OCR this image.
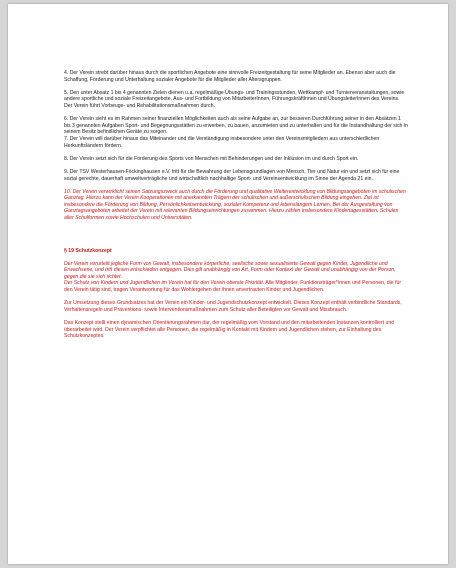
4. Der Verein strebt darüber hinaus durch die sportlichen Angebote eine sinnvolle Freizeitgestaltung für seine Mitglieder an. Ebenso aber auch die Schaffung, Förderung und Unterhaltung sozialer Angebote für die Mitglieder aller Altersgruppen.

5. Den unter Absatz 1 bis 4 genannten Zielen dienen u.a. regelmäßige Übungs- und Trainingsstunden, Wettkampf- und Turnierveranstaltungen, sowie andere sportliche und soziale Freizeitangebote, Aus- und Fortbildung von MitarbeiterInnen, FührungskräftInnen und ÜbungsleiterInnen des Vereins. Der Verein führt Vorbeuge- und Rehabilitationsmaßnahmen durch.

6. Der Verein sieht es im Rahmen seiner finanziellen Möglichkeiten auch als seine Aufgabe an, zur besseren Durchführung seiner in den Absätzen 1 bis 3 genannten Aufgaben Sport- und Begegnungsstätten zu erwerben, zu bauen, anzumieten und zu unterhalten und für die Instandhaltung der sich in seinem Besitz befindlichen Geräte zu sorgen.

7. Der Verein will darüber hinaus das Miteinander und die Verständigung insbesondere unter den Vereinsmitgliedern aus unterschiedlichen Herkunftsländern fördern.

8. Der Verein setzt sich für die Förderung des Sports von Menschen mit Behinderungen und der Inklusion im und durch Sport ein.

9. Der TSV Westerhausen-Föckinghausen e.V. tritt für die Bewahrung der Lebensgrundlagen von Mensch, Tier und Natur ein und setzt sich für eine sozial gerechte, dauerhaft umweltverträgliche und wirtschaftlich nachhaltige Sport- und Vereinsentwicklung im Sinne der Agenda 21 ein.

10. Der Verein verwirklicht seinen Satzungszweck auch durch die Förderung und qualitative Weiterentwicklung von Bildungsangeboten im schulischen Ganztag. Hierzu kann der Verein Kooperationen mit anerkannten Trägern der schulischen und außerschulischen Bildung eingehen. Ziel ist insbesondere die Förderung von Bildung, Persönlichkeitsentwicklung, sozialer Kompetenz und lebenslangem Lernen. Bei der Ausgestaltung von Ganztagsangeboten arbeitet der Verein mit relevanten Bildungseinrichtungen zusammen. Hierzu zählen insbesondere Kindertagesstätten, Schulen aller Schulformen sowie Hochschulen und Universitäten.

§ 19 Schutzkonzept

Der Verein verurteilt jegliche Form von Gewalt, insbesondere körperliche, seelische sowie sexualisierte Gewalt gegen Kinder, Jugendliche und Erwachsene, und tritt diesen entschieden entgegen. Dies gilt unabhängig von Art, Form oder Kontext der Gewalt und unabhängig von der Person, gegen die sie sich richtet.
Der Schutz von Kindern und Jugendlichen im Verein hat für den Verein oberste Priorität. Alle Mitglieder, Funktionsträger*innen und Personen, die für den Verein tätig sind, tragen Verantwortung für das Wohlergehen der ihnen anvertrauten Kinder und Jugendlichen.

Zur Umsetzung dieses Grundsatzes hat der Verein ein Kinder- und Jugendschutzkonzept entwickelt. Dieses Konzept enthält verbindliche Standards, Verhaltensregeln und Präventions- sowie Interventionsmaßnahmen zum Schutz aller Beteiligten vor Gewalt und Missbrauch.

Das Konzept stellt einen dynamischen Orientierungsrahmen dar, der regelmäßig vom Vorstand und den mitarbeitenden Instanzen kontrolliert und überarbeitet wird. Der Verein verpflichtet alle Personen, die regelmäßig in Kontakt mit Kindern und Jugendlichen stehen, zur Einhaltung des Schutzkonzeptes.
